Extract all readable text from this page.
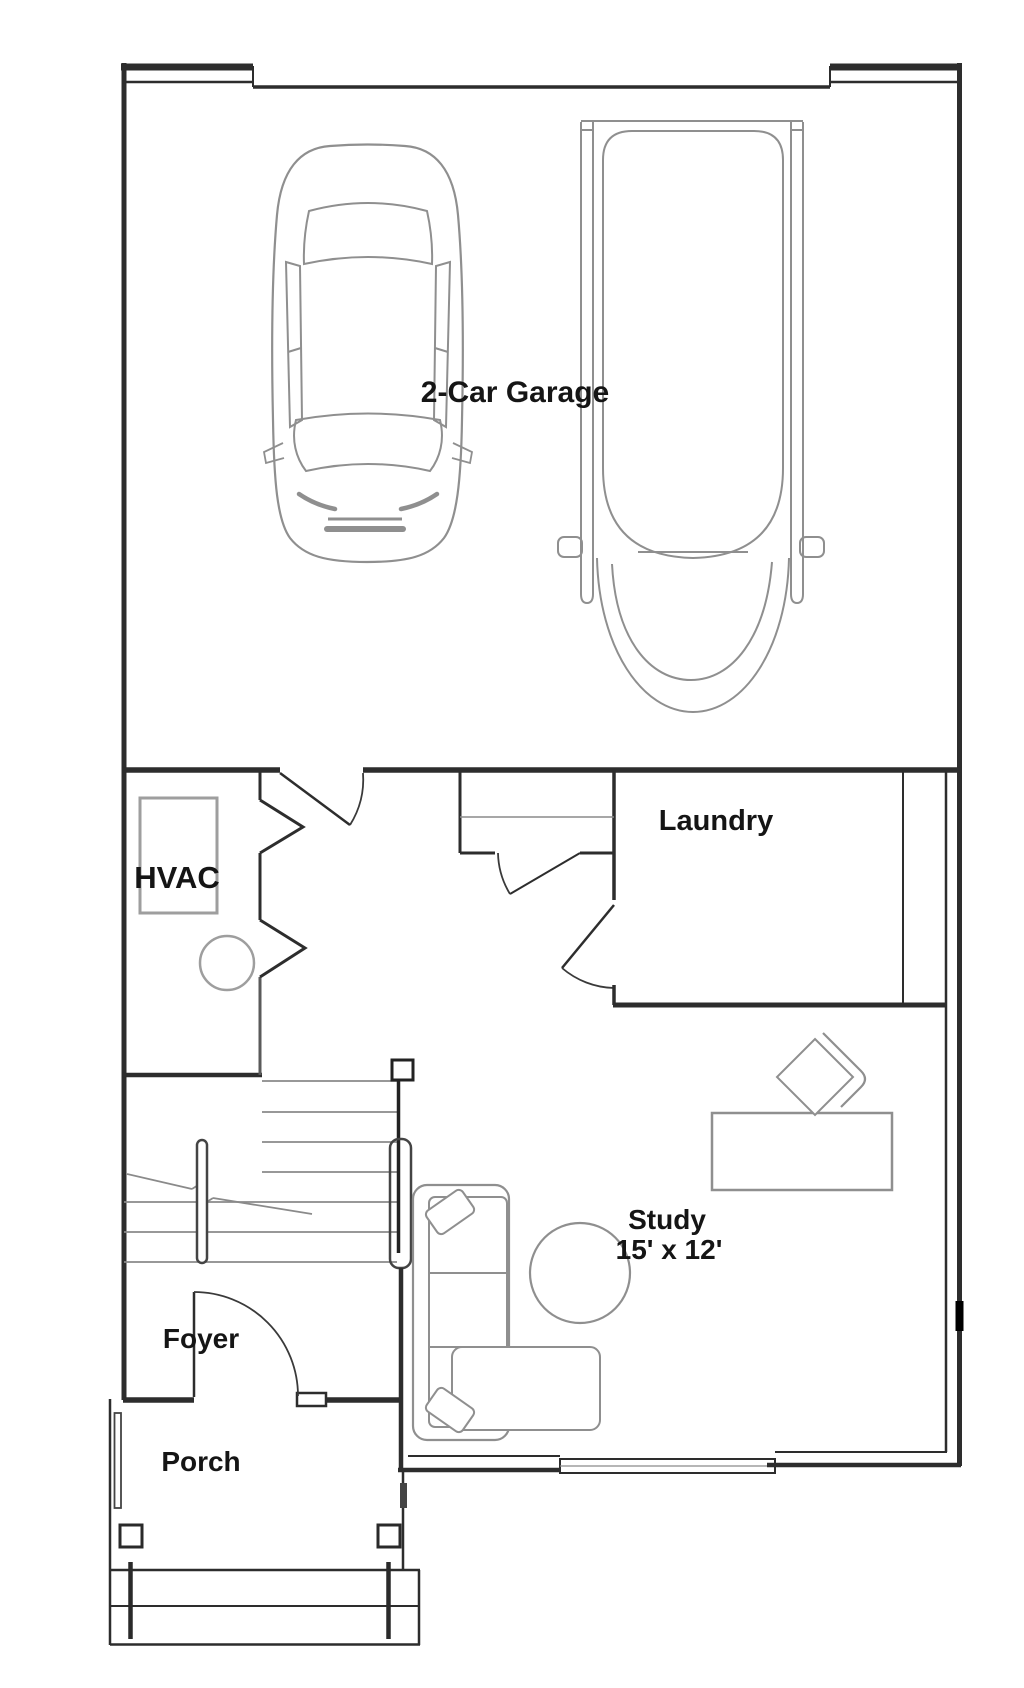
2-Car Garage
HVAC
Laundry
Foyer
Study
15' x 12'
Porch
